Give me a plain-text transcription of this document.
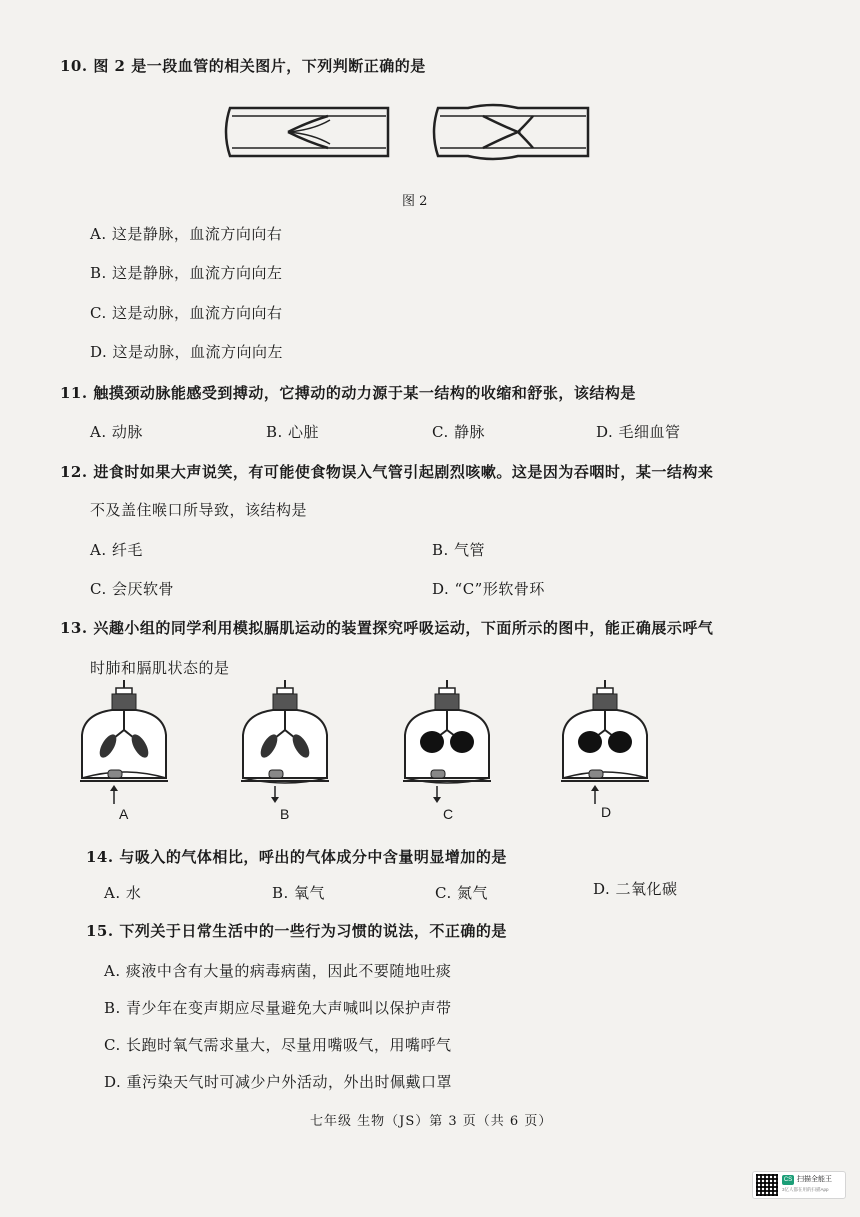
10. 图 2 是一段血管的相关图片，下列判断正确的是
图 2
A. 这是静脉，血流方向向右
B. 这是静脉，血流方向向左
C. 这是动脉，血流方向向右
D. 这是动脉，血流方向向左
11. 触摸颈动脉能感受到搏动，它搏动的动力源于某一结构的收缩和舒张，该结构是
A. 动脉	B. 心脏	C. 静脉	D. 毛细血管
12. 进食时如果大声说笑，有可能使食物误入气管引起剧烈咳嗽。这是因为吞咽时，某一结构来
不及盖住喉口所导致，该结构是
A. 纤毛	B. 气管
C. 会厌软骨	D. “C”形软骨环
13. 兴趣小组的同学利用模拟膈肌运动的装置探究呼吸运动，下面所示的图中，能正确展示呼气
时肺和膈肌状态的是
A	B	C	D
14. 与吸入的气体相比，呼出的气体成分中含量明显增加的是
A. 水	B. 氧气	C. 氮气	D. 二氧化碳
15. 下列关于日常生活中的一些行为习惯的说法，不正确的是
A. 痰液中含有大量的病毒病菌，因此不要随地吐痰
B. 青少年在变声期应尽量避免大声喊叫以保护声带
C. 长跑时氧气需求量大，尽量用嘴吸气，用嘴呼气
D. 重污染天气时可减少户外活动，外出时佩戴口罩
七年级 生物（JS）第 3 页（共 6 页）
CS 扫描全能王
3亿人都在用的扫描App
